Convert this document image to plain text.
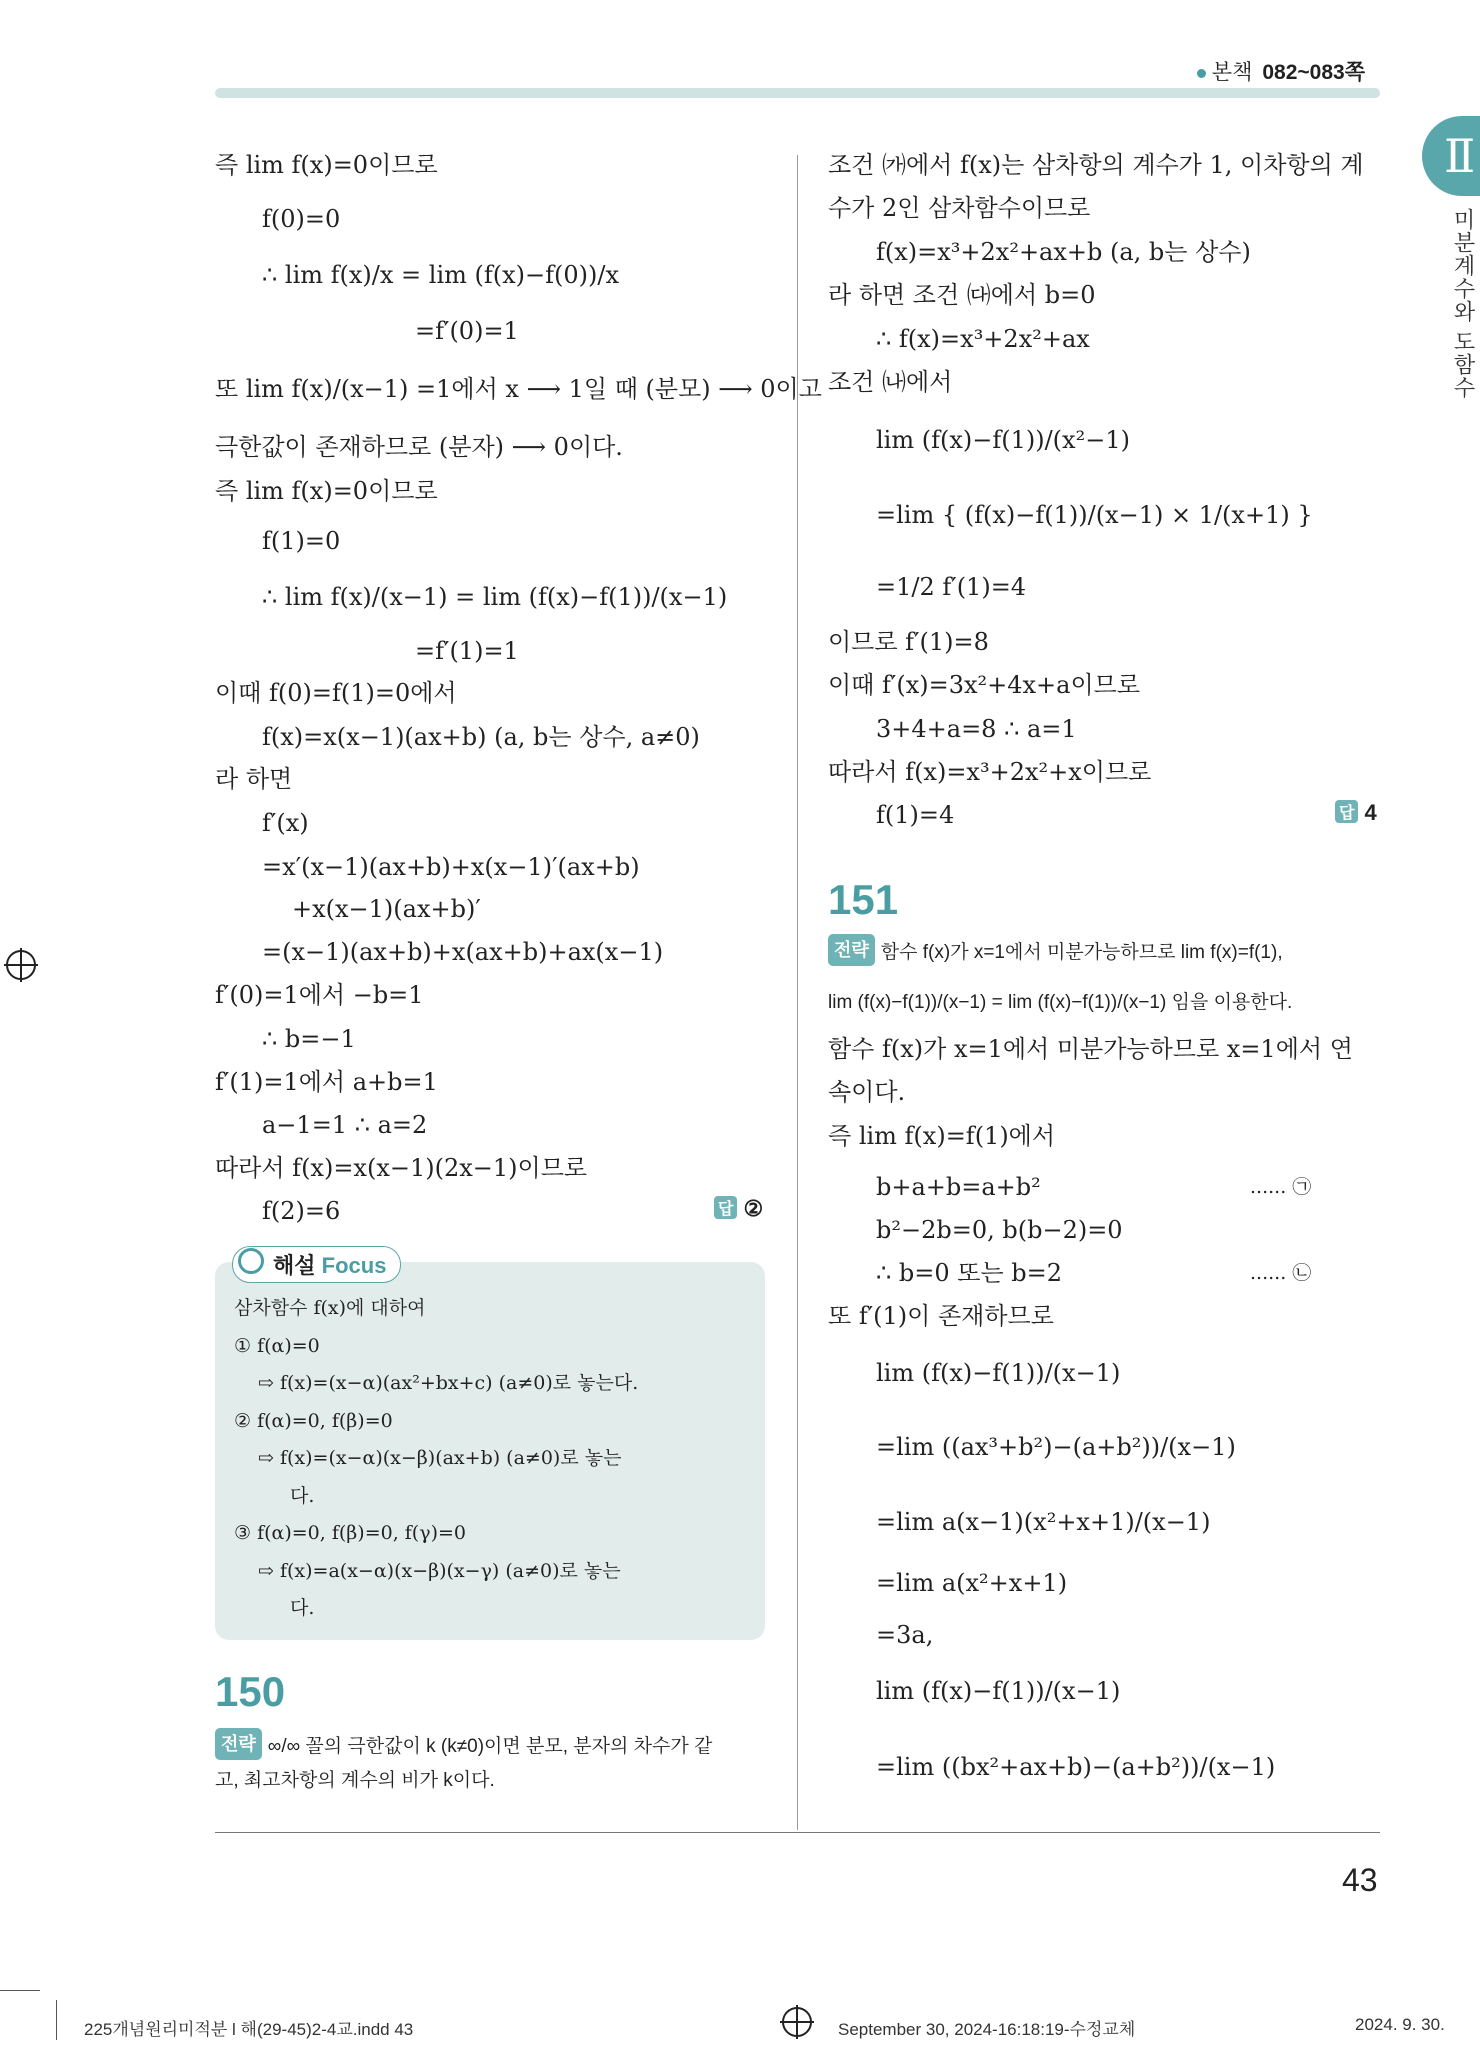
본책 082~083쪽
Ⅱ
미분계수와 도함수
즉 lim f(x)=0이므로
f(0)=0
∴ lim f(x)/x = lim (f(x)−f(0))/x
=f′(0)=1
또 lim f(x)/(x−1) =1에서 x ⟶ 1일 때 (분모) ⟶ 0이고
극한값이 존재하므로 (분자) ⟶ 0이다.
즉 lim f(x)=0이므로
f(1)=0
∴ lim f(x)/(x−1) = lim (f(x)−f(1))/(x−1)
=f′(1)=1
이때 f(0)=f(1)=0에서
f(x)=x(x−1)(ax+b) (a, b는 상수, a≠0)
라 하면
f′(x)
=x′(x−1)(ax+b)+x(x−1)′(ax+b)
+x(x−1)(ax+b)′
=(x−1)(ax+b)+x(ax+b)+ax(x−1)
f′(0)=1에서 −b=1
∴ b=−1
f′(1)=1에서 a+b=1
a−1=1 ∴ a=2
따라서 f(x)=x(x−1)(2x−1)이므로
f(2)=6	답 ②
해설 Focus
삼차함수 f(x)에 대하여
① f(α)=0
⇨ f(x)=(x−α)(ax²+bx+c) (a≠0)로 놓는다.
② f(α)=0, f(β)=0
⇨ f(x)=(x−α)(x−β)(ax+b) (a≠0)로 놓는
다.
③ f(α)=0, f(β)=0, f(γ)=0
⇨ f(x)=a(x−α)(x−β)(x−γ) (a≠0)로 놓는
다.
150
전략 ∞/∞ 꼴의 극한값이 k (k≠0)이면 분모, 분자의 차수가 같
고, 최고차항의 계수의 비가 k이다.
조건 ㈎에서 f(x)는 삼차항의 계수가 1, 이차항의 계
수가 2인 삼차함수이므로
f(x)=x³+2x²+ax+b (a, b는 상수)
라 하면 조건 ㈐에서 b=0
∴ f(x)=x³+2x²+ax
조건 ㈏에서
lim (f(x)−f(1))/(x²−1)
=lim { (f(x)−f(1))/(x−1) × 1/(x+1) }
=1/2 f′(1)=4
이므로 f′(1)=8
이때 f′(x)=3x²+4x+a이므로
3+4+a=8 ∴ a=1
따라서 f(x)=x³+2x²+x이므로
f(1)=4	답 4
151
전략 함수 f(x)가 x=1에서 미분가능하므로 lim f(x)=f(1),
lim (f(x)−f(1))/(x−1) = lim (f(x)−f(1))/(x−1) 임을 이용한다.
함수 f(x)가 x=1에서 미분가능하므로 x=1에서 연
속이다.
즉 lim f(x)=f(1)에서
b+a+b=a+b²	...... ㉠
b²−2b=0, b(b−2)=0
∴ b=0 또는 b=2	...... ㉡
또 f′(1)이 존재하므로
lim (f(x)−f(1))/(x−1)
=lim ((ax³+b²)−(a+b²))/(x−1)
=lim a(x−1)(x²+x+1)/(x−1)
=lim a(x²+x+1)
=3a,
lim (f(x)−f(1))/(x−1)
=lim ((bx²+ax+b)−(a+b²))/(x−1)
43
225개념원리미적분 l 해(29-45)2-4교.indd 43	September 30, 2024-16:18:19-수정교체	2024. 9. 30.
